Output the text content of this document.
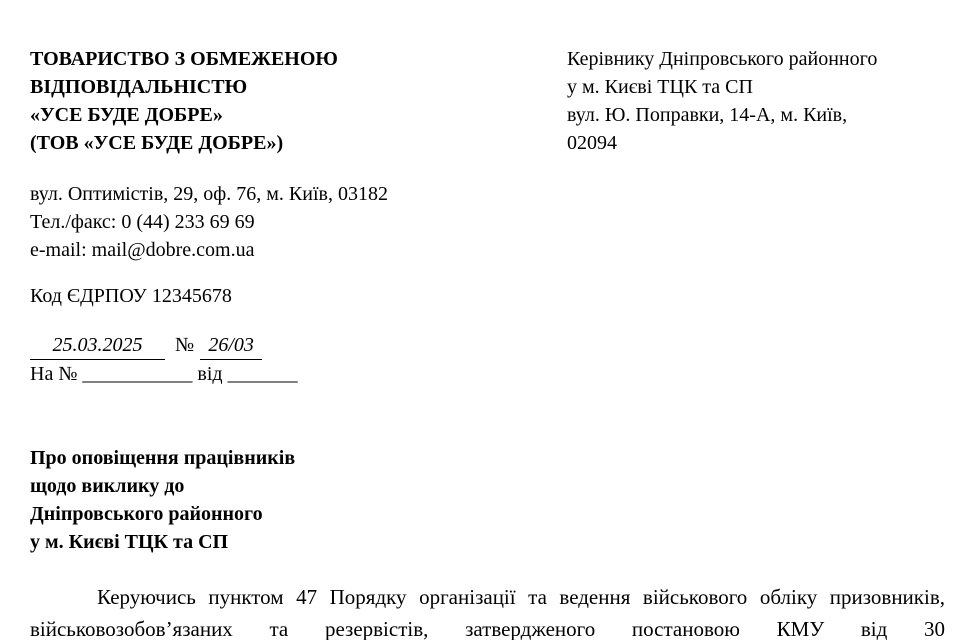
ТОВАРИСТВО З ОБМЕЖЕНОЮ
ВІДПОВІДАЛЬНІСТЮ
«УСЕ БУДЕ ДОБРЕ»
(ТОВ «УСЕ БУДЕ ДОБРЕ»)
Керівнику Дніпровського районного
у м. Києві ТЦК та СП
вул. Ю. Поправки, 14-А, м. Київ,
02094
вул. Оптимістів, 29, оф. 76, м. Київ, 03182
Тел./факс: 0 (44) 233 69 69
e-mail: mail@dobre.com.ua
Код ЄДРПОУ 12345678
25.03.2025 № 26/03
На № ___________ від _______
Про оповіщення працівників
щодо виклику до
Дніпровського районного
у м. Києві ТЦК та СП

Керуючись пунктом 47 Порядку організації та ведення військового обліку призовників, військовозобов’язаних та резервістів, затвердженого постановою КМУ від 30
